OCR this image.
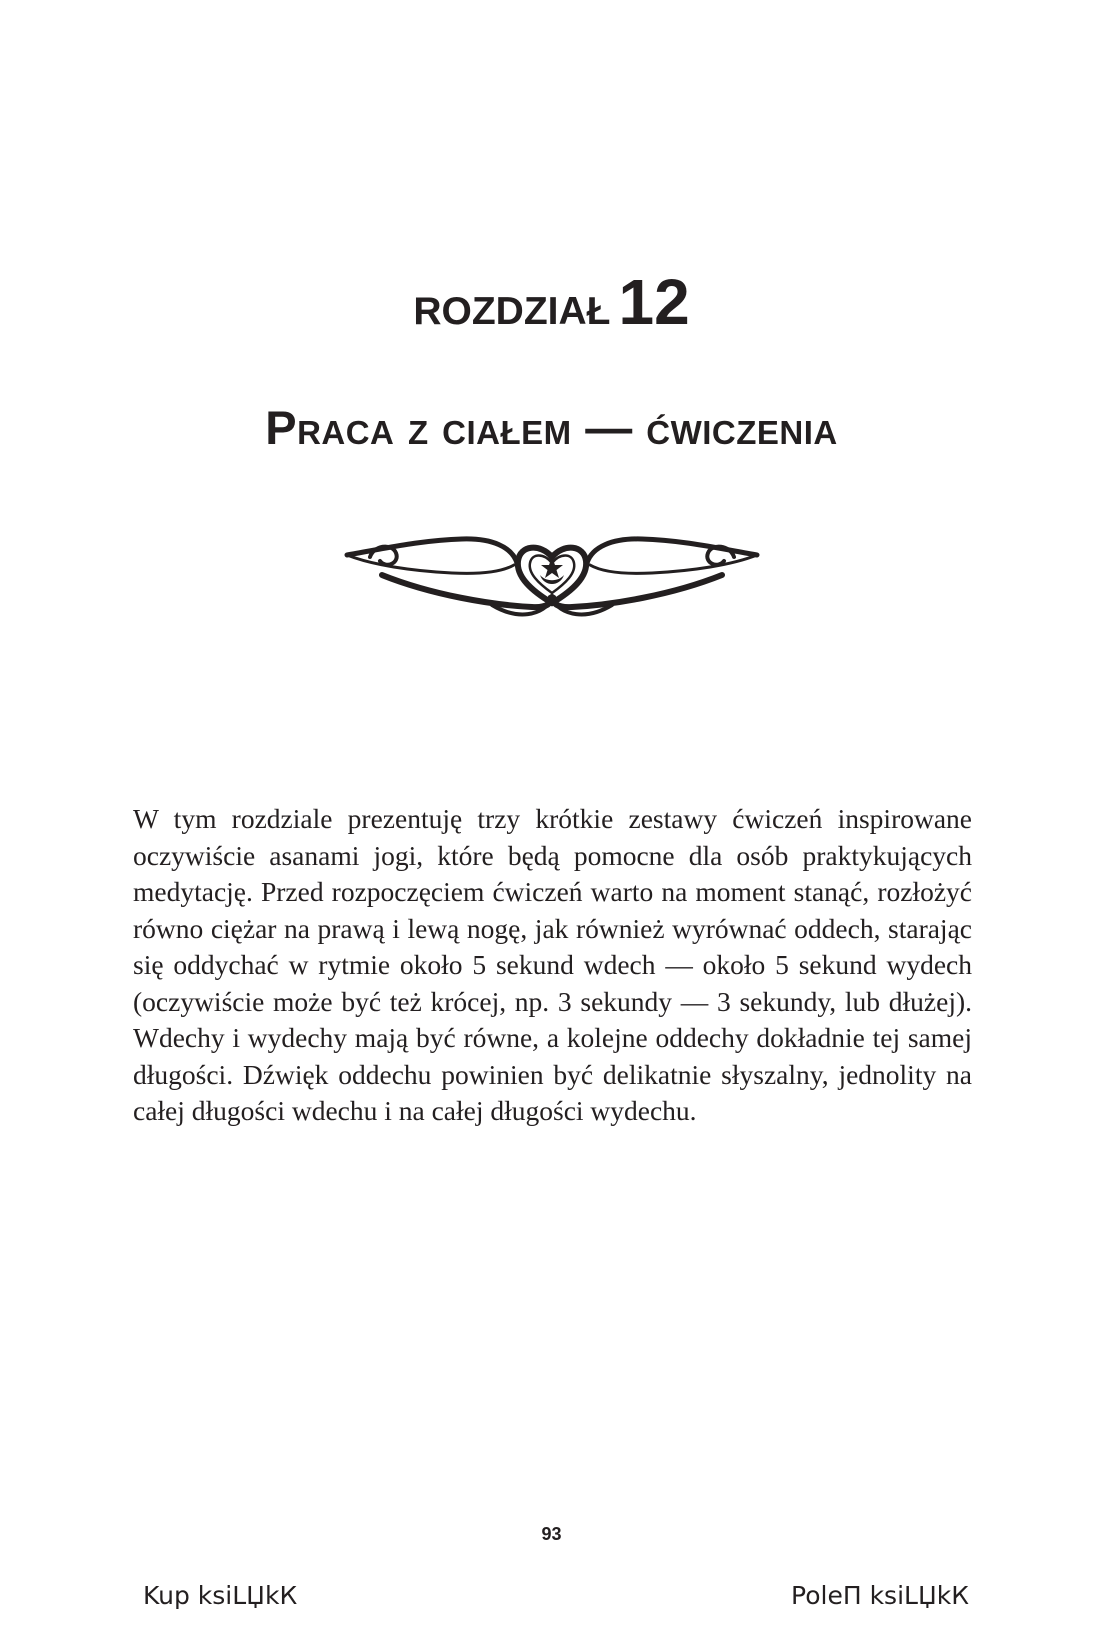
ROZDZIAŁ 12
Praca z ciałem — ćwiczenia

W tym rozdziale prezentuję trzy krótkie zestawy ćwiczeń inspirowane oczywiście asanami jogi, które będą pomocne dla osób praktykujących medytację. Przed rozpoczęciem ćwiczeń warto na moment stanąć, rozłożyć równo ciężar na prawą i lewą nogę, jak również wyrównać oddech, starając się oddychać w rytmie około 5 sekund wdech — około 5 sekund wydech (oczywiście może być też krócej, np. 3 sekundy — 3 sekundy, lub dłużej). Wdechy i wydechy mają być równe, a kolejne oddechy dokładnie tej samej długości. Dźwięk oddechu powinien być delikatnie słyszalny, jednolity na całej długości wdechu i na całej długości wydechu.

93
Kup ksiLЏkК	PoleП ksiLЏkК
